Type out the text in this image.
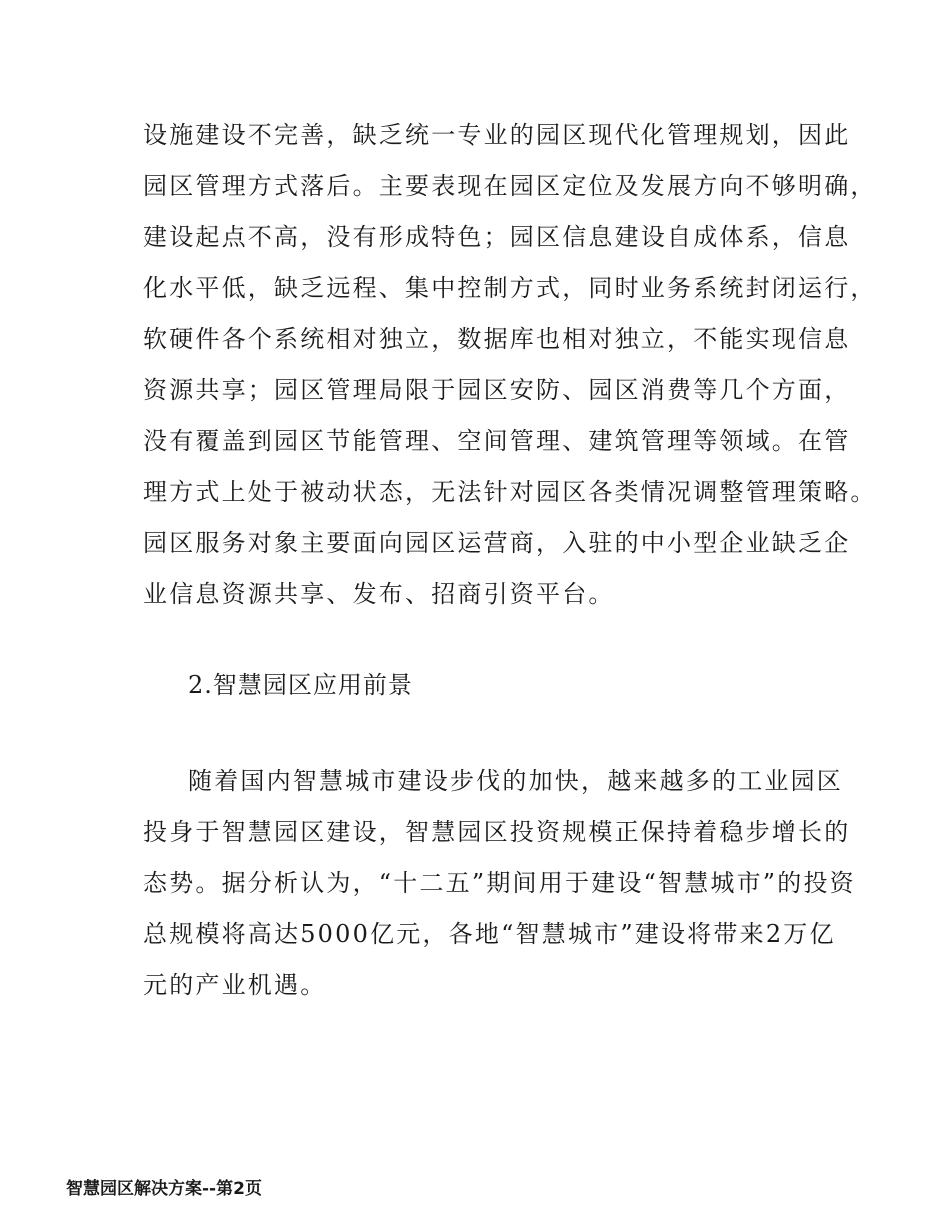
设施建设不完善，缺乏统一专业的园区现代化管理规划，因此
园区管理方式落后。主要表现在园区定位及发展方向不够明确，
建设起点不高，没有形成特色；园区信息建设自成体系，信息
化水平低，缺乏远程、集中控制方式，同时业务系统封闭运行，
软硬件各个系统相对独立，数据库也相对独立，不能实现信息
资源共享；园区管理局限于园区安防、园区消费等几个方面，
没有覆盖到园区节能管理、空间管理、建筑管理等领域。在管
理方式上处于被动状态，无法针对园区各类情况调整管理策略。
园区服务对象主要面向园区运营商，入驻的中小型企业缺乏企
业信息资源共享、发布、招商引资平台。
2.智慧园区应用前景
随着国内智慧城市建设步伐的加快，越来越多的工业园区
投身于智慧园区建设，智慧园区投资规模正保持着稳步增长的
态势。据分析认为，“十二五”期间用于建设“智慧城市”的投资
总规模将高达5000亿元，各地“智慧城市”建设将带来2万亿
元的产业机遇。
智慧园区解决方案--第2页
